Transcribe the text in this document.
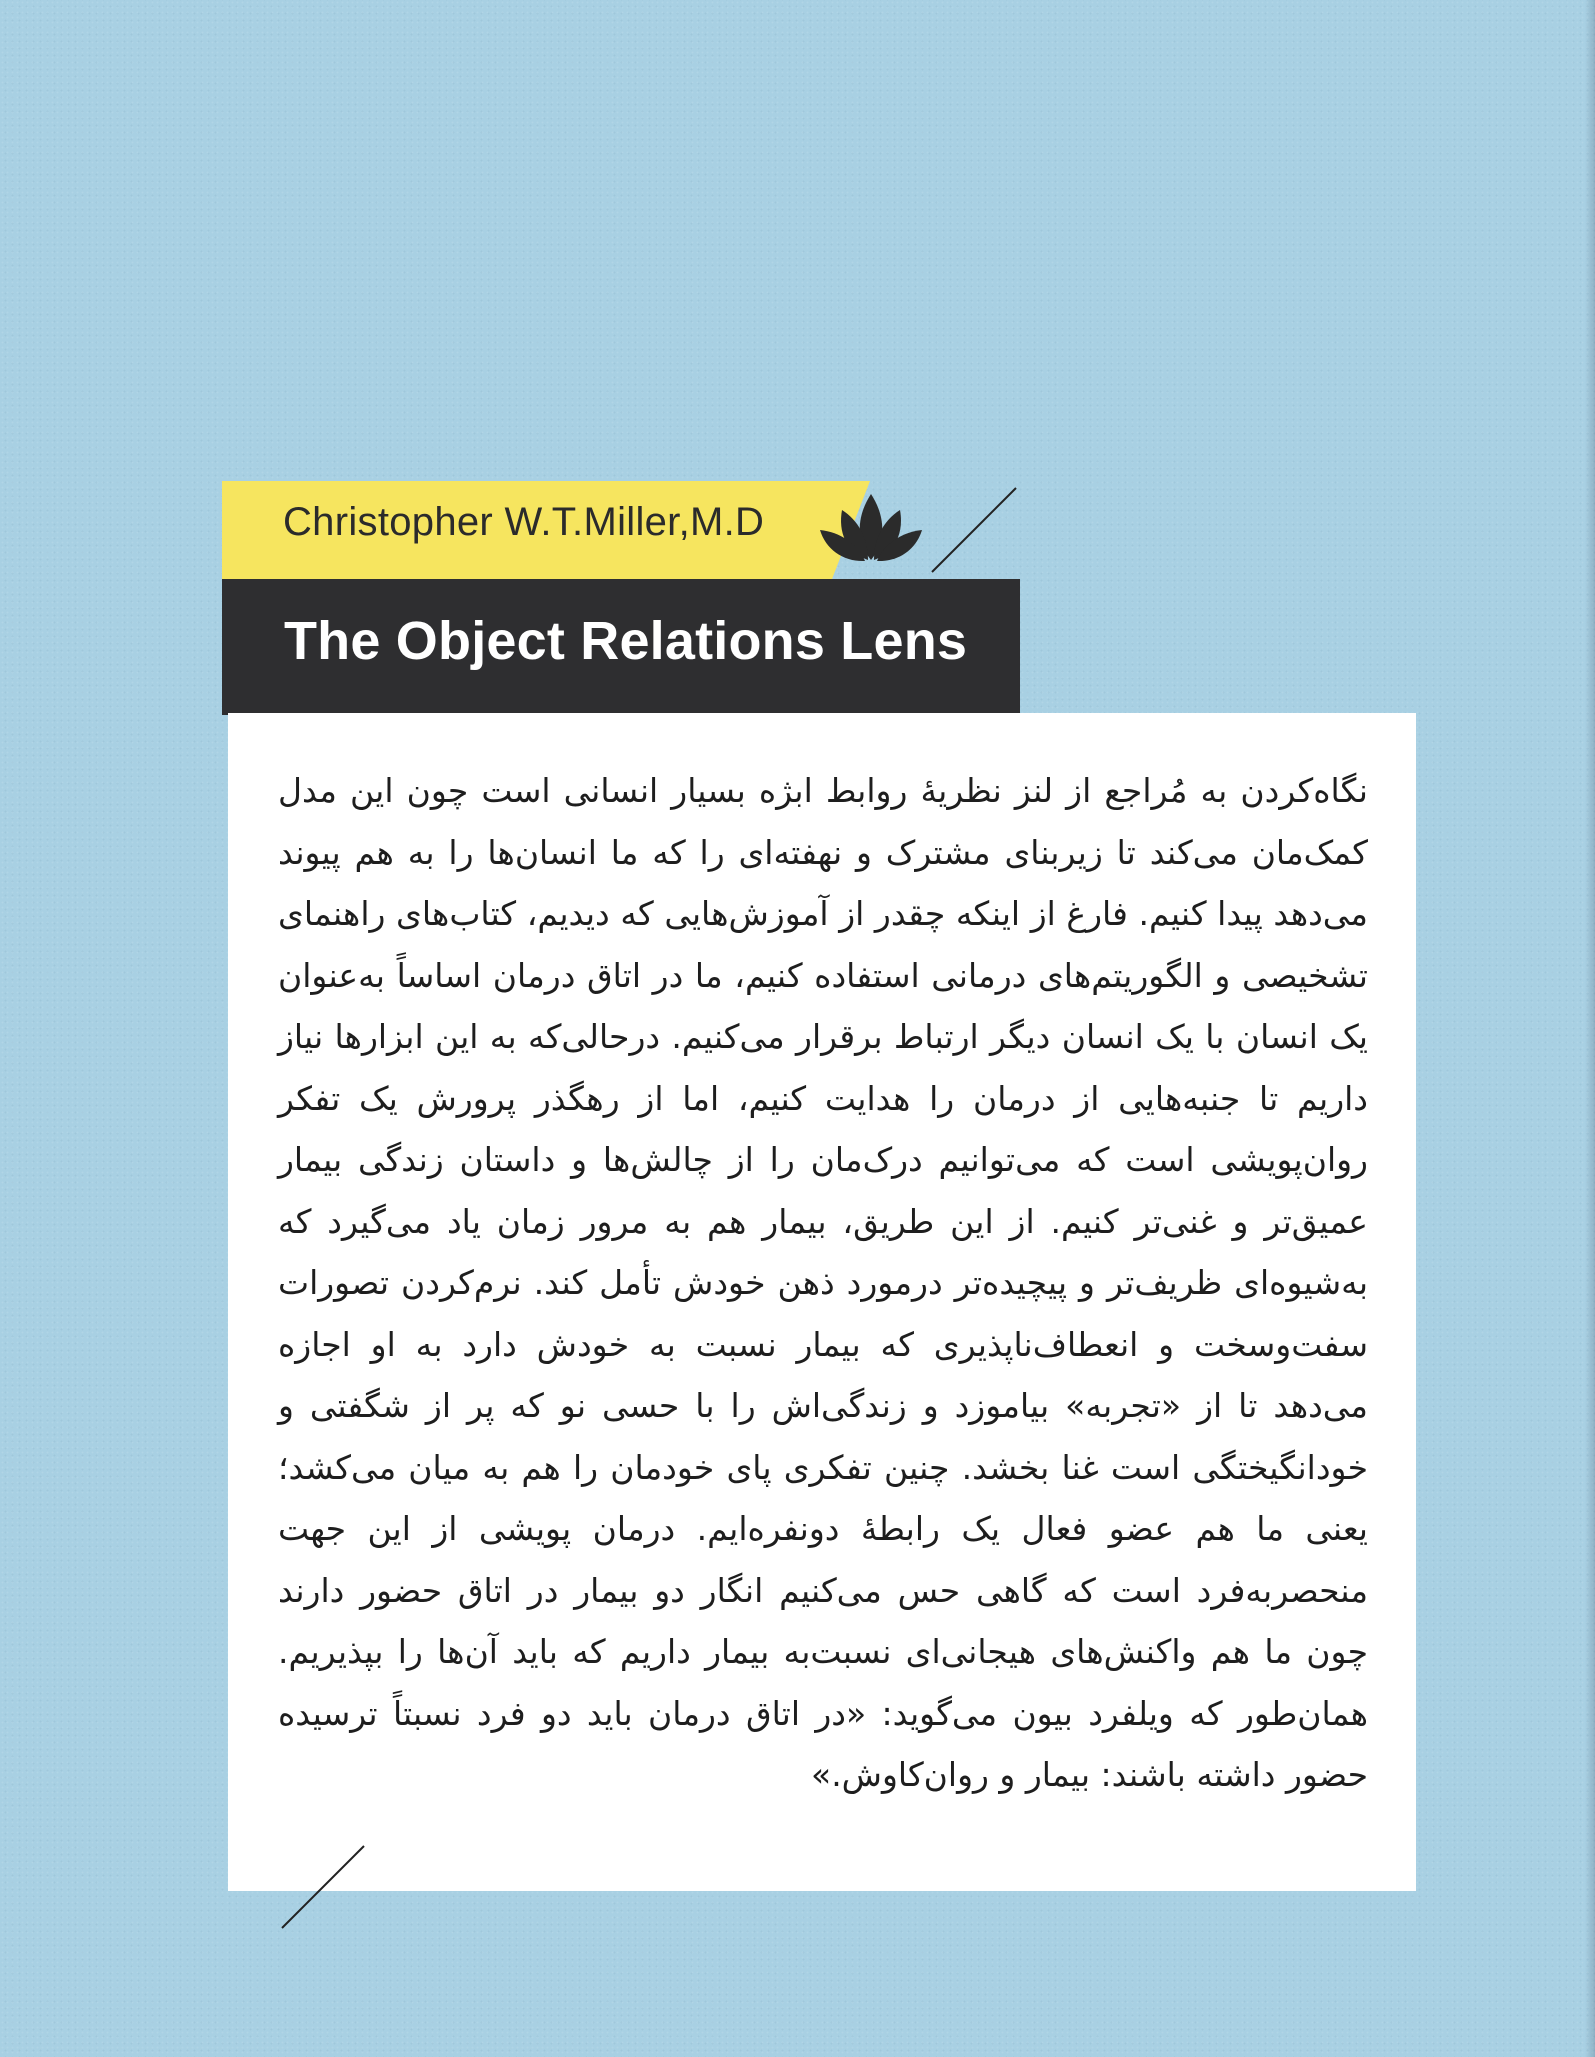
Christopher W.T.Miller,M.D
The Object Relations Lens
نگاه‌کردن به مُراجع از لنز نظریهٔ روابط ابژه بسیار انسانی است چون این مدل کمک‌مان می‌کند تا زیربنای مشترک و نهفته‌ای را که ما انسان‌ها را به هم پیوند می‌دهد پیدا کنیم. فارغ از اینکه چقدر از آموزش‌هایی که دیدیم، کتاب‌های راهنمای تشخیصی و الگوریتم‌های درمانی استفاده کنیم، ما در اتاق درمان اساساً به‌عنوان یک انسان با یک انسان دیگر ارتباط برقرار می‌کنیم. درحالی‌که به این ابزارها نیاز داریم تا جنبه‌هایی از درمان را هدایت کنیم، اما از رهگذر پرورش یک تفکر روان‌پویشی است که می‌توانیم درک‌مان را از چالش‌ها و داستان زندگی بیمار عمیق‌تر و غنی‌تر کنیم. از این طریق، بیمار هم به مرور زمان یاد می‌گیرد که به‌شیوه‌ای ظریف‌تر و پیچیده‌تر درمورد ذهن خودش تأمل کند. نرم‌کردن تصورات سفت‌وسخت و انعطاف‌ناپذیری که بیمار نسبت به خودش دارد به او اجازه می‌دهد تا از «تجربه» بیاموزد و زندگی‌اش را با حسی نو که پر از شگفتی و خودانگیختگی است غنا بخشد. چنین تفکری پای خودمان را هم به میان می‌کشد؛ یعنی ما هم عضو فعال یک رابطهٔ دونفره‌ایم. درمان پویشی از این جهت منحصربه‌فرد است که گاهی حس می‌کنیم انگار دو بیمار در اتاق حضور دارند چون ما هم واکنش‌های هیجانی‌ای نسبت‌به بیمار داریم که باید آن‌ها را بپذیریم. همان‌طور که ویلفرد بیون می‌گوید: «در اتاق درمان باید دو فرد نسبتاً ترسیده حضور داشته باشند: بیمار و روان‌کاوش.»
